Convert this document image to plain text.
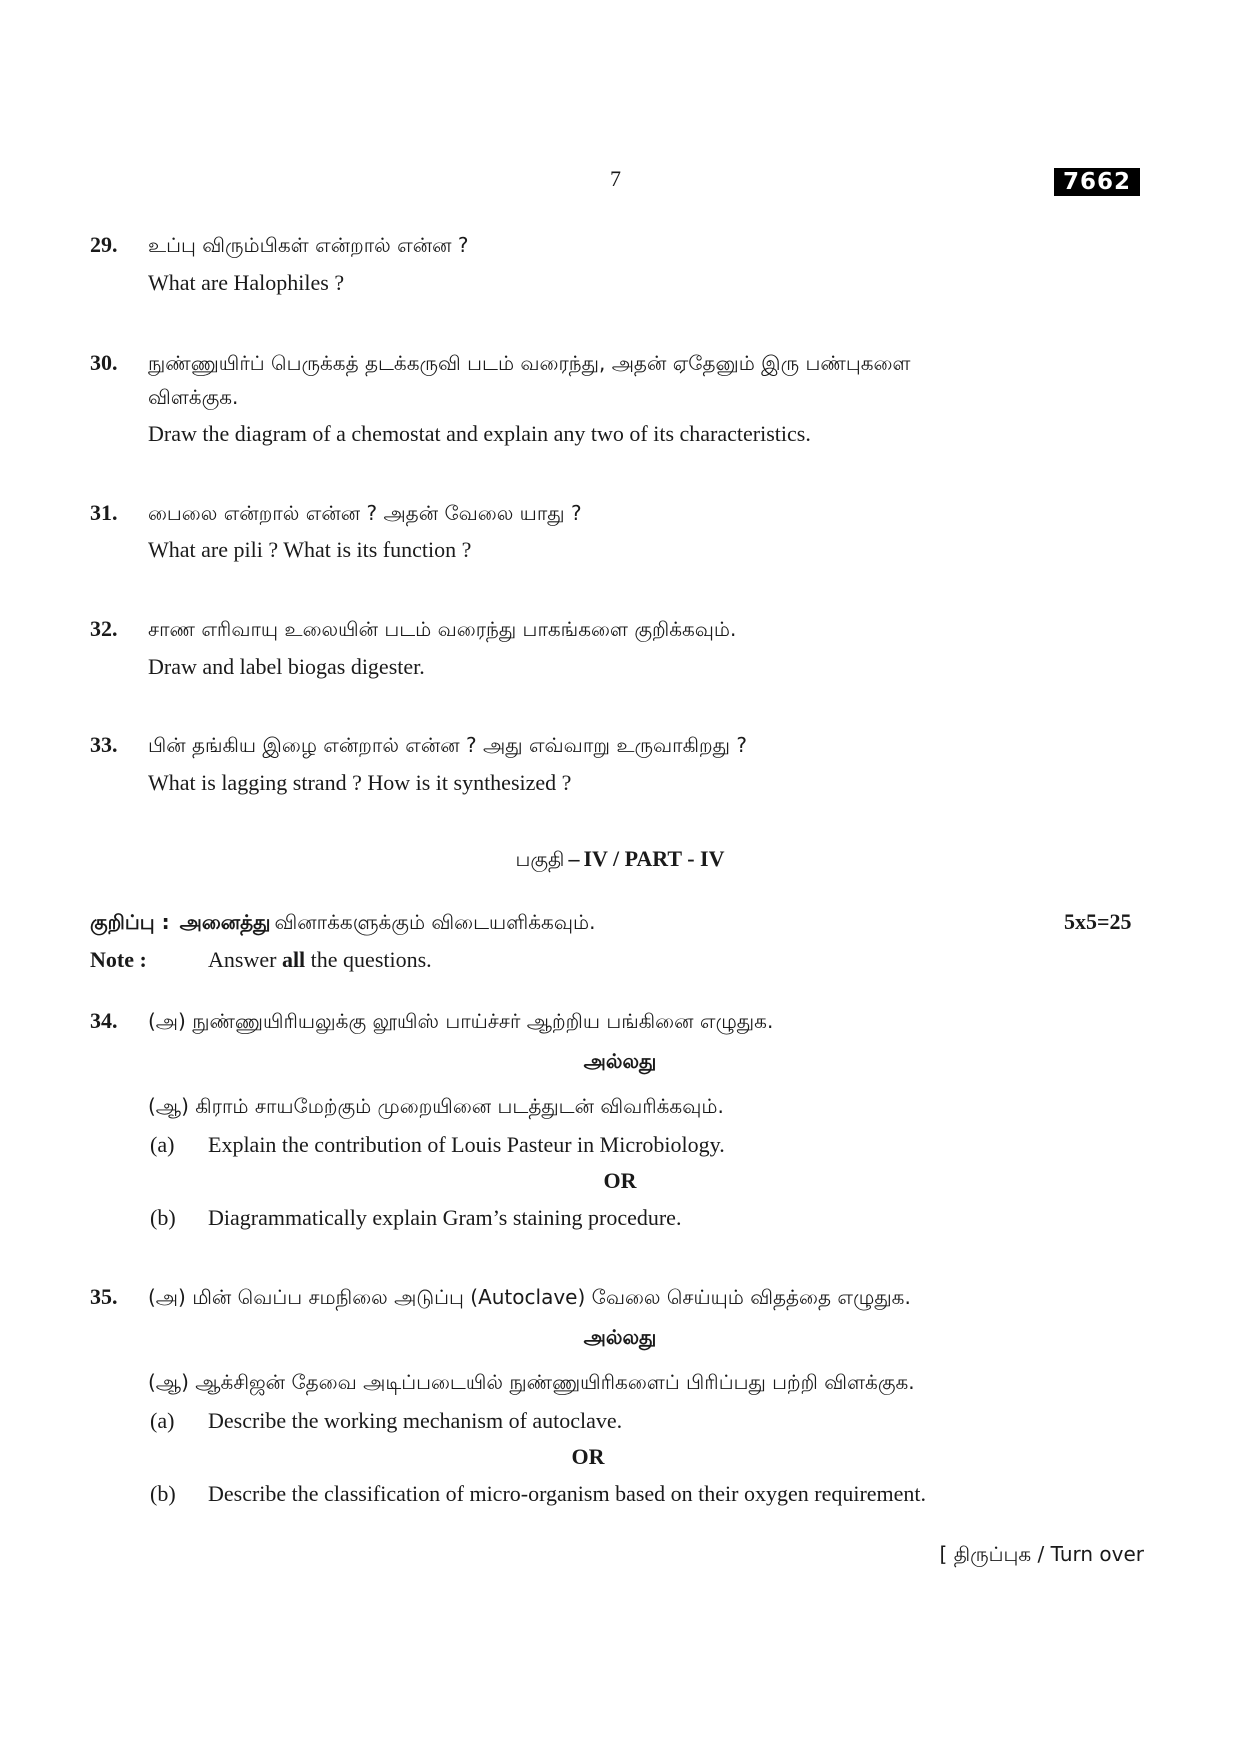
7	7662
29. உப்பு விரும்பிகள் என்றால் என்ன ?
What are Halophiles ?
30. நுண்ணுயிர்ப் பெருக்கத் தடக்கருவி படம் வரைந்து, அதன் ஏதேனும் இரு பண்புகளை
விளக்குக.
Draw the diagram of a chemostat and explain any two of its characteristics.
31. பைலை என்றால் என்ன ? அதன் வேலை யாது ?
What are pili ? What is its function ?
32. சாண எரிவாயு உலையின் படம் வரைந்து பாகங்களை குறிக்கவும்.
Draw and label biogas digester.
33. பின் தங்கிய இழை என்றால் என்ன ? அது எவ்வாறு உருவாகிறது ?
What is lagging strand ? How is it synthesized ?
பகுதி – IV / PART - IV
குறிப்பு : அனைத்து வினாக்களுக்கும் விடையளிக்கவும்.	5x5=25
Note :	Answer all the questions.
34. (அ) நுண்ணுயிரியலுக்கு லூயிஸ் பாய்ச்சர் ஆற்றிய பங்கினை எழுதுக.
அல்லது
(ஆ) கிராம் சாயமேற்கும் முறையினை படத்துடன் விவரிக்கவும்.
(a) Explain the contribution of Louis Pasteur in Microbiology.
OR
(b) Diagrammatically explain Gram’s staining procedure.
35. (அ) மின் வெப்ப சமநிலை அடுப்பு (Autoclave) வேலை செய்யும் விதத்தை எழுதுக.
அல்லது
(ஆ) ஆக்சிஜன் தேவை அடிப்படையில் நுண்ணுயிரிகளைப் பிரிப்பது பற்றி விளக்குக.
(a) Describe the working mechanism of autoclave.
OR
(b) Describe the classification of micro-organism based on their oxygen requirement.
[ திருப்புக / Turn over
